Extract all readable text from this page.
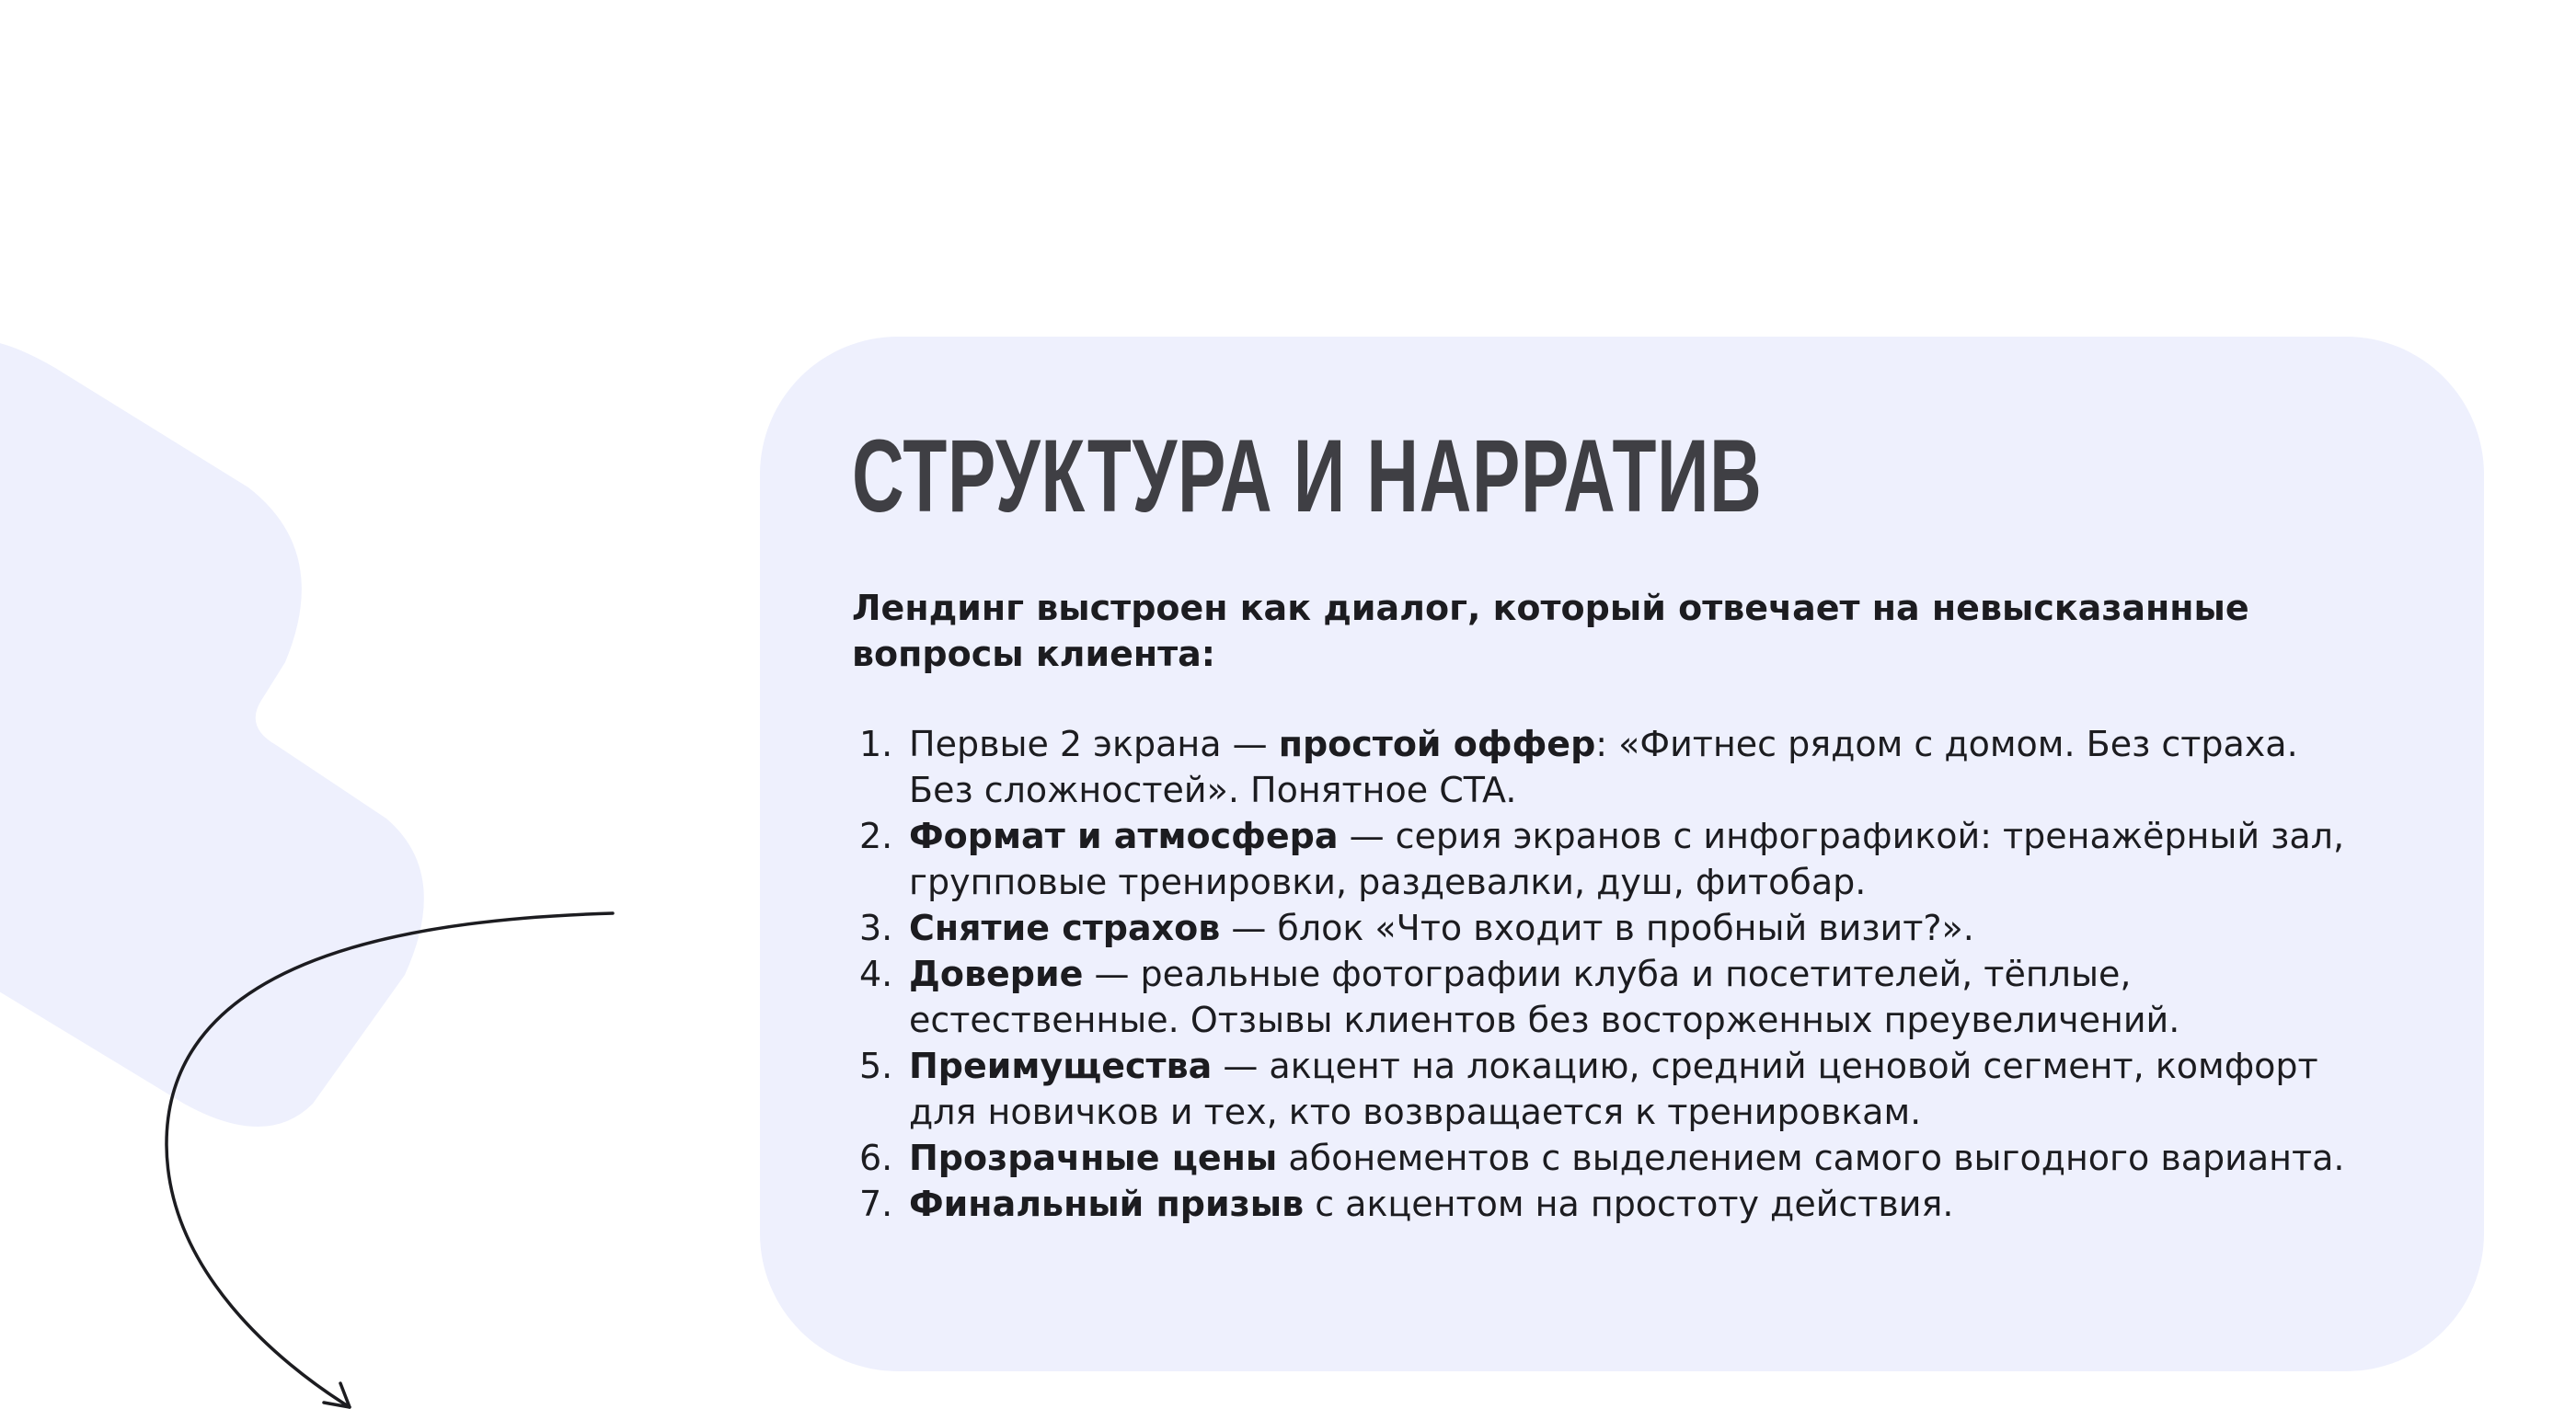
СТРУКТУРА И НАРРАТИВ

Лендинг выстроен как диалог, который отвечает на невысказанные вопросы клиента:

1. Первые 2 экрана — простой оффер: «Фитнес рядом с домом. Без страха. Без сложностей». Понятное CTA.
2. Формат и атмосфера — серия экранов с инфографикой: тренажёрный зал, групповые тренировки, раздевалки, душ, фитобар.
3. Снятие страхов — блок «Что входит в пробный визит?».
4. Доверие — реальные фотографии клуба и посетителей, тёплые, естественные. Отзывы клиентов без восторженных преувеличений.
5. Преимущества — акцент на локацию, средний ценовой сегмент, комфорт для новичков и тех, кто возвращается к тренировкам.
6. Прозрачные цены абонементов с выделением самого выгодного варианта.
7. Финальный призыв с акцентом на простоту действия.
